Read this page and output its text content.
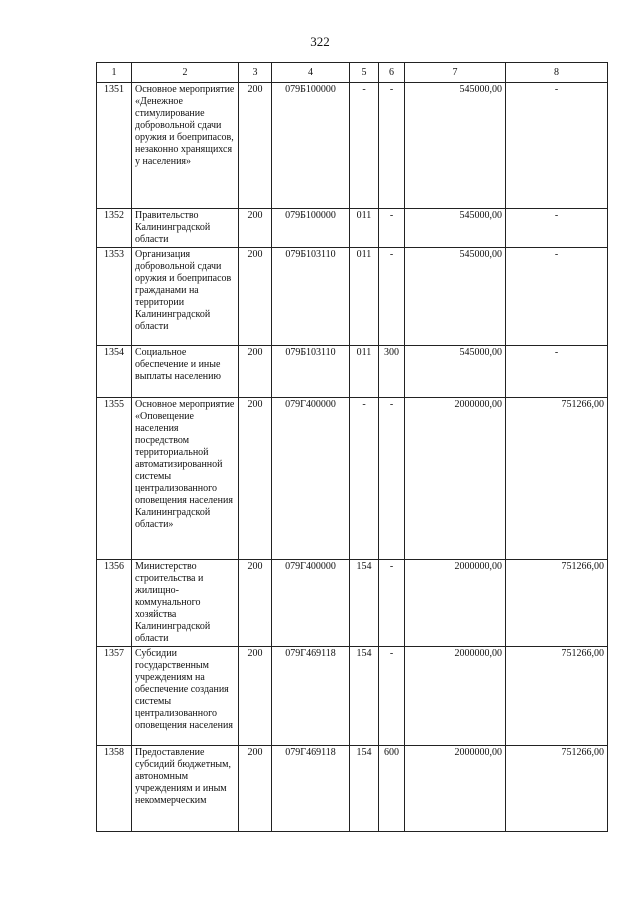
322
1	2	3	4	5	6	7	8
1351	Основное мероприятие «Денежное стимулирование добровольной сдачи оружия и боеприпасов, незаконно хранящихся у населения»	200	079Б100000	-	-	545000,00	-
1352	Правительство Калининградской области	200	079Б100000	011	-	545000,00	-
1353	Организация добровольной сдачи оружия и боеприпасов гражданами на территории Калининградской области	200	079Б103110	011	-	545000,00	-
1354	Социальное обеспечение и иные выплаты населению	200	079Б103110	011	300	545000,00	-
1355	Основное мероприятие «Оповещение населения посредством территориальной автоматизированной системы централизованного оповещения населения Калининградской области»	200	079Г400000	-	-	2000000,00	751266,00
1356	Министерство строительства и жилищно-коммунального хозяйства Калининградской области	200	079Г400000	154	-	2000000,00	751266,00
1357	Субсидии государственным учреждениям на обеспечение создания системы централизованного оповещения населения	200	079Г469118	154	-	2000000,00	751266,00
1358	Предоставление субсидий бюджетным, автономным учреждениям и иным некоммерческим	200	079Г469118	154	600	2000000,00	751266,00
